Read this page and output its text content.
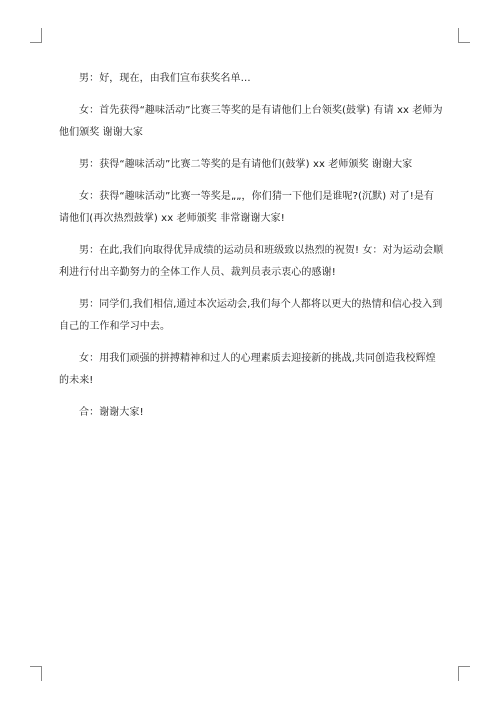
男：好，现在，由我们宣布获奖名单…

女：首先获得“趣味活动”比赛三等奖的是有请他们上台领奖(鼓掌) 有请 xx 老师为他们颁奖 谢谢大家

男：获得“趣味活动”比赛二等奖的是有请他们(鼓掌) xx 老师颁奖 谢谢大家

女：获得“趣味活动”比赛一等奖是„„，你们猜一下他们是谁呢?(沉默) 对了!是有请他们(再次热烈鼓掌) xx 老师颁奖 非常谢谢大家!

男：在此,我们向取得优异成绩的运动员和班级致以热烈的祝贺! 女：对为运动会顺利进行付出辛勤努力的全体工作人员、裁判员表示衷心的感谢!

男：同学们,我们相信,通过本次运动会,我们每个人都将以更大的热情和信心投入到自己的工作和学习中去。

女：用我们顽强的拼搏精神和过人的心理素质去迎接新的挑战,共同创造我校辉煌的未来!

合：谢谢大家!
